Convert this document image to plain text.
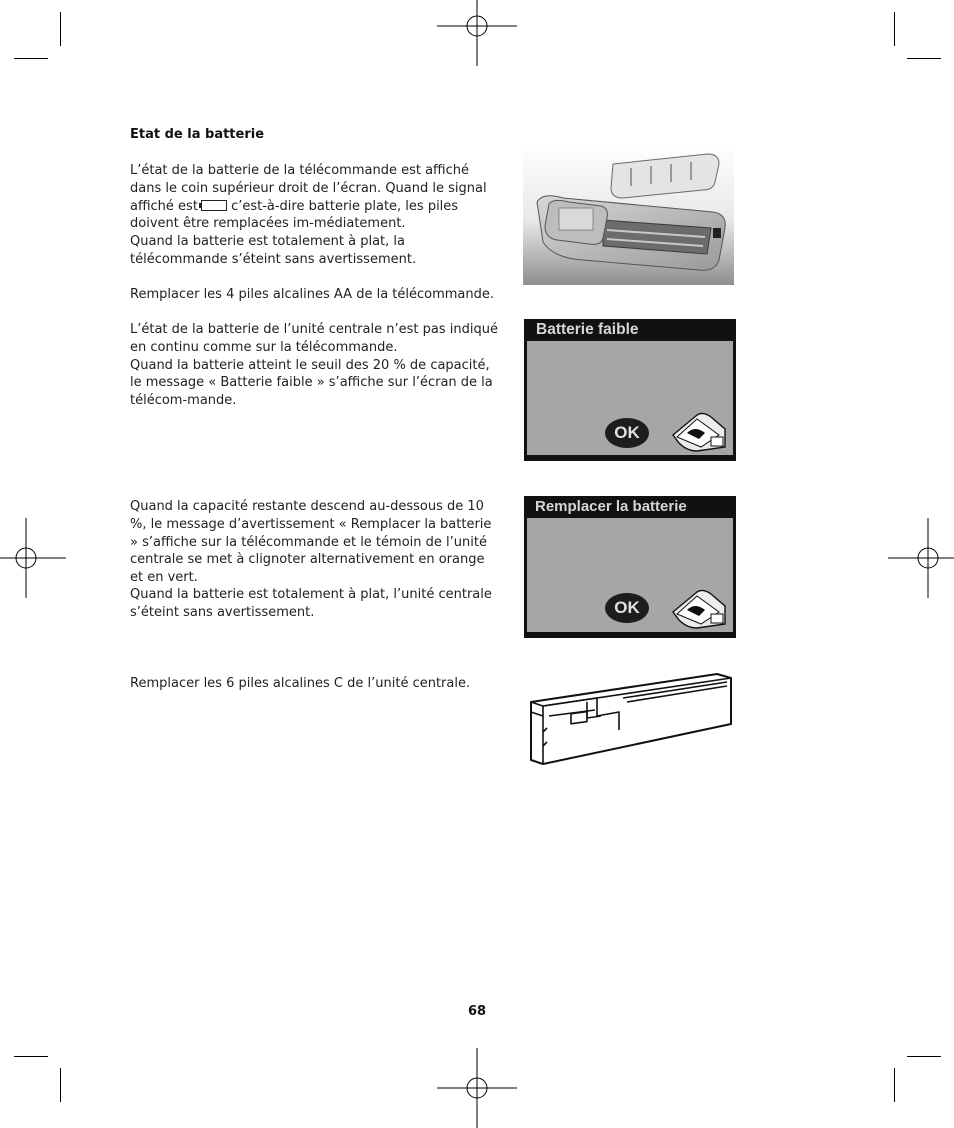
Etat de la batterie

L’état de la batterie de la télécommande est affiché dans le coin supérieur droit de l’écran. Quand le signal affiché est	c’est-à-dire batterie plate, les piles doivent être remplacées im-médiatement.
Quand la batterie est totalement à plat, la télécommande s’éteint sans avertissement.

Remplacer les 4 piles alcalines AA de la télécommande.

L’état de la batterie de l’unité centrale n’est pas indiqué en continu comme sur la télécommande.
Quand la batterie atteint le seuil des 20 % de capacité, le message « Batterie faible » s’affiche sur l’écran de la télécom-mande.

Quand la capacité restante descend au-dessous de 10 %, le message d’avertissement « Remplacer la batterie » s’affiche sur la télécommande et le témoin de l’unité centrale se met à clignoter alternativement en orange et en vert.

Quand la batterie est totalement à plat, l’unité centrale s’éteint sans avertissement.

Remplacer les 6 piles alcalines C de l’unité centrale.

Batterie faible
OK
Remplacer la batterie
OK
68
